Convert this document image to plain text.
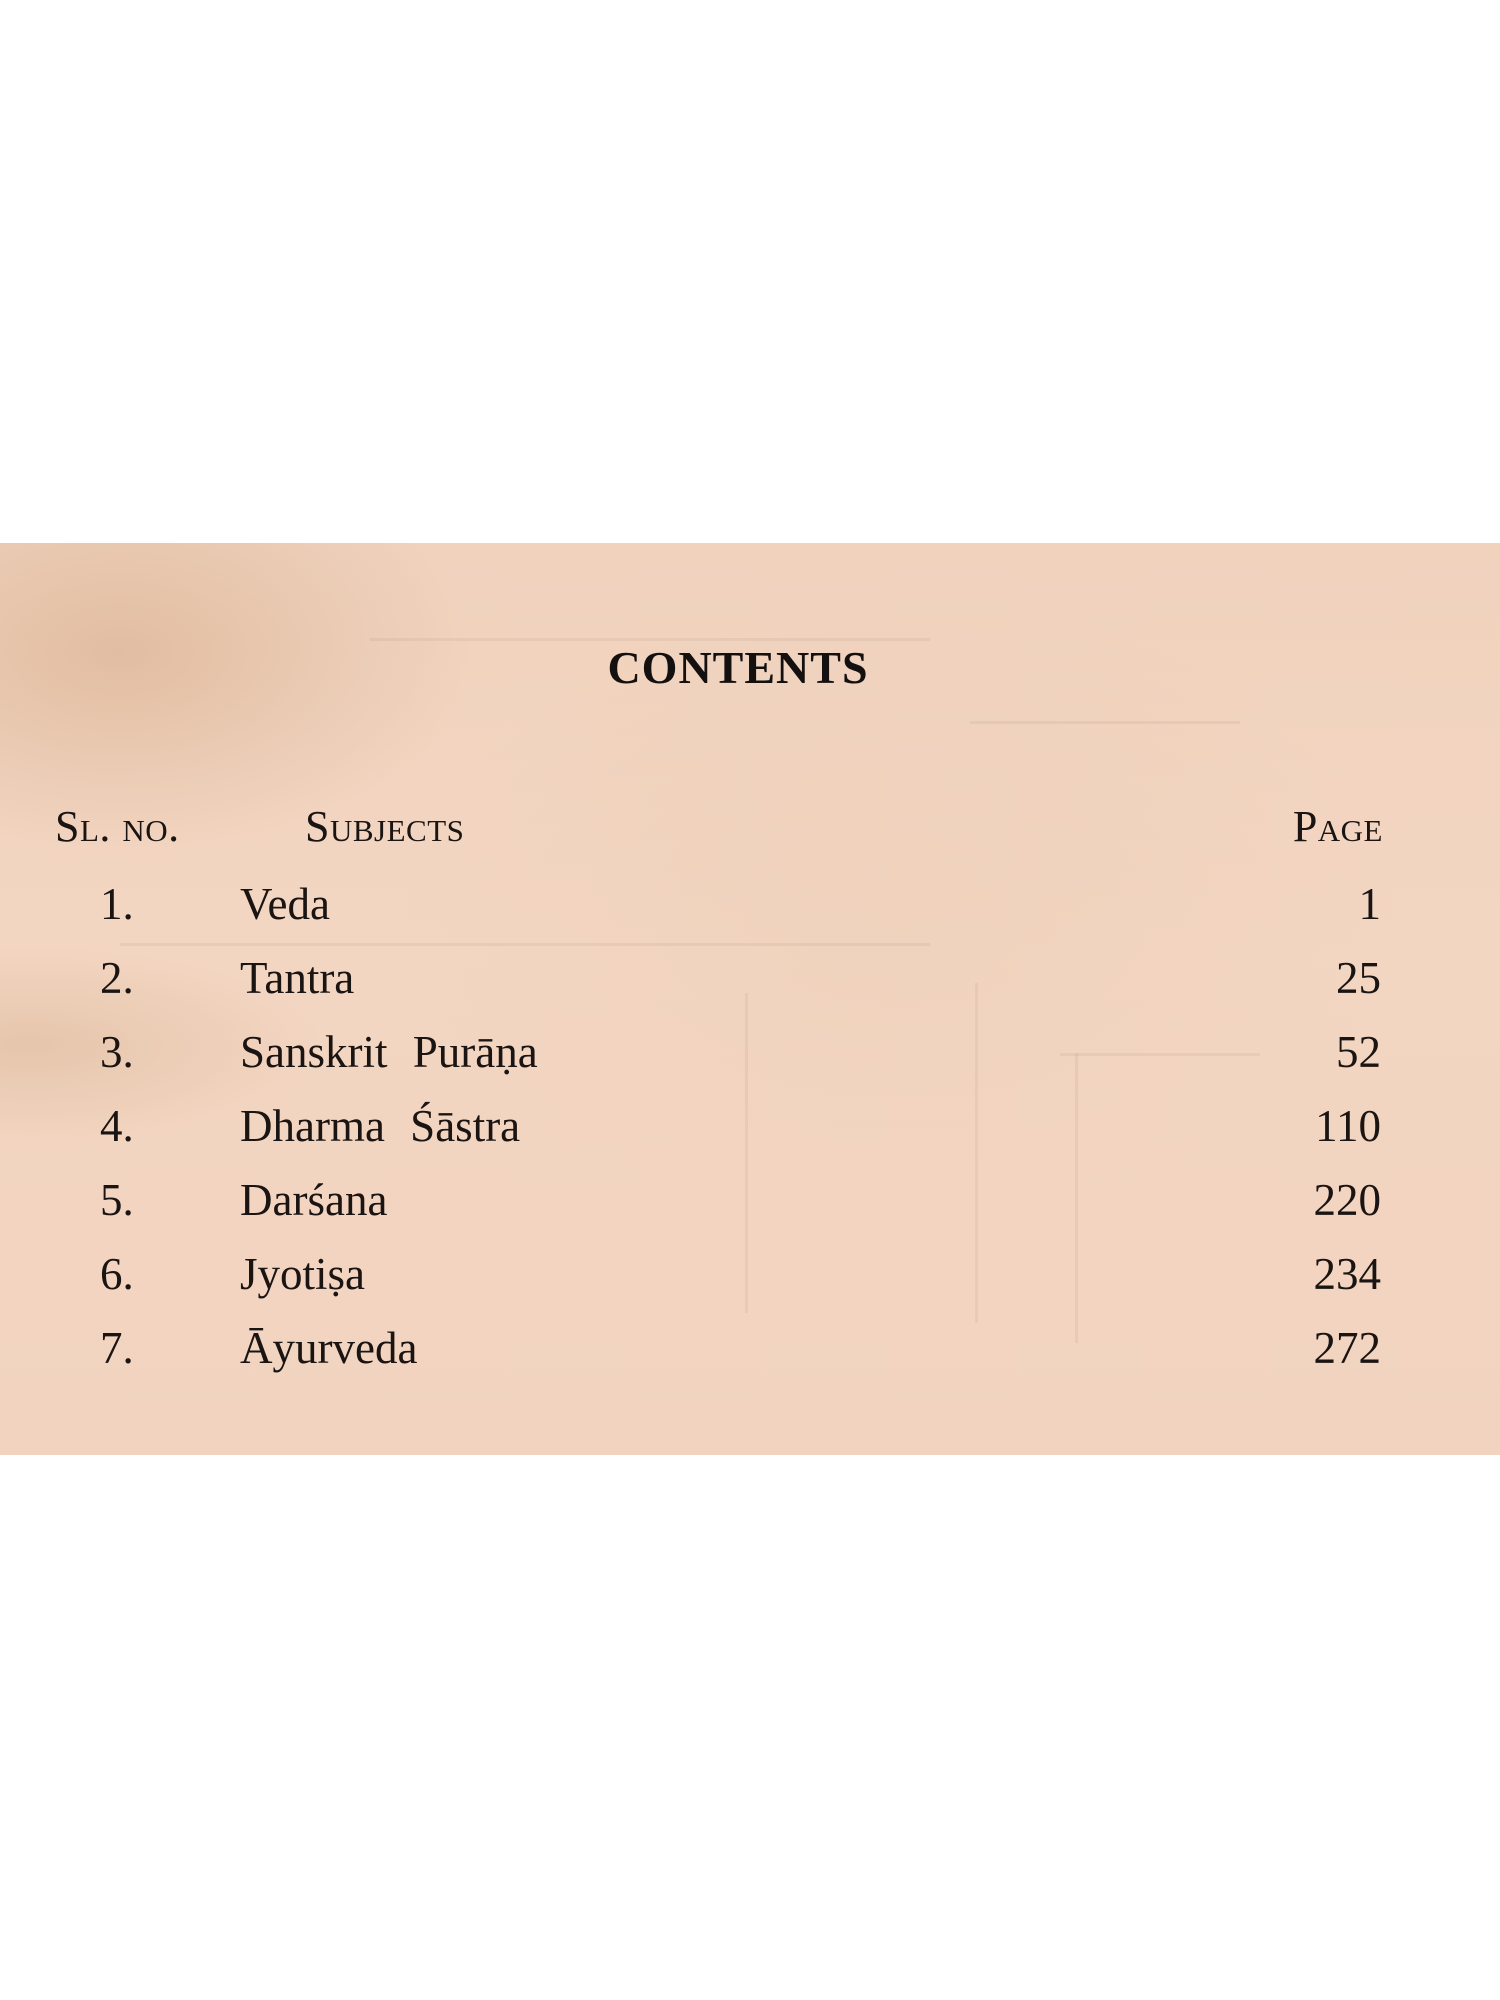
CONTENTS
Sl. no.	Subjects	Page
1. Veda	1
2. Tantra	25
3. Sanskrit Purāṇa	52
4. Dharma Śāstra	110
5. Darśana	220
6. Jyotiṣa	234
7. Āyurveda	272
